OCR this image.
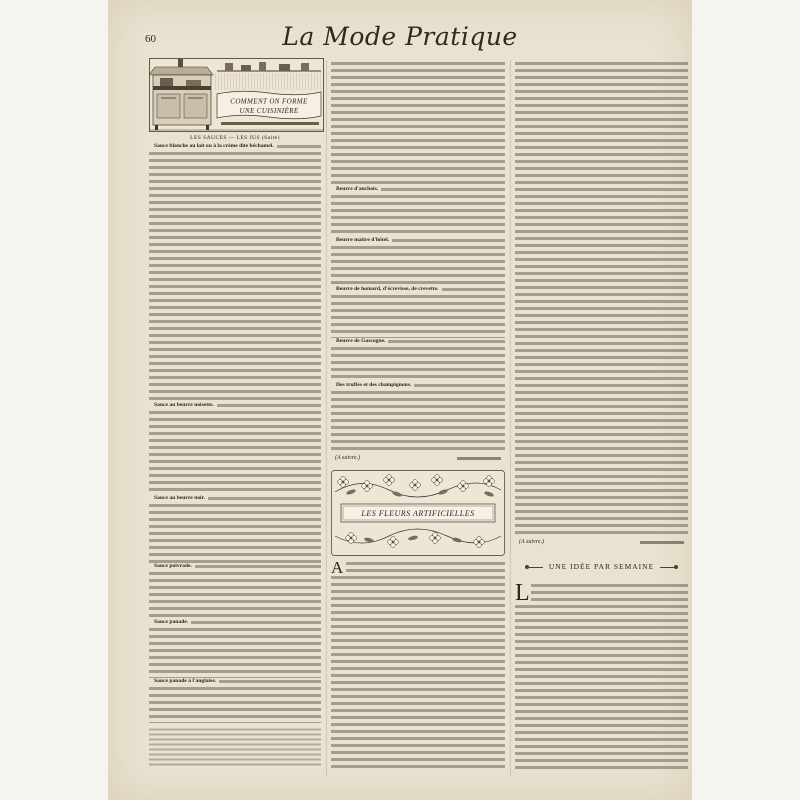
60	La Mode Pratique
COMMENT ON FORME
UNE CUISINIÈRE
LES SAUCES — LES JUS (Suite)
Sauce blanche au lait ou à la crème dite béchamel.
Sauce au beurre noisette.
Sauce au beurre noir.
Sauce poivrade.
Sauce panade.
Sauce panade à l'anglaise.
Beurre d'anchois.
Beurre maître d'hôtel.
Beurre de homard, d'écrevisse, de crevette.
Beurre de Gascogne.
Des truffes et des champignons.
(A suivre.)
LES FLEURS ARTIFICIELLES
A
(A suivre.)
UNE IDÉE PAR SEMAINE
L
